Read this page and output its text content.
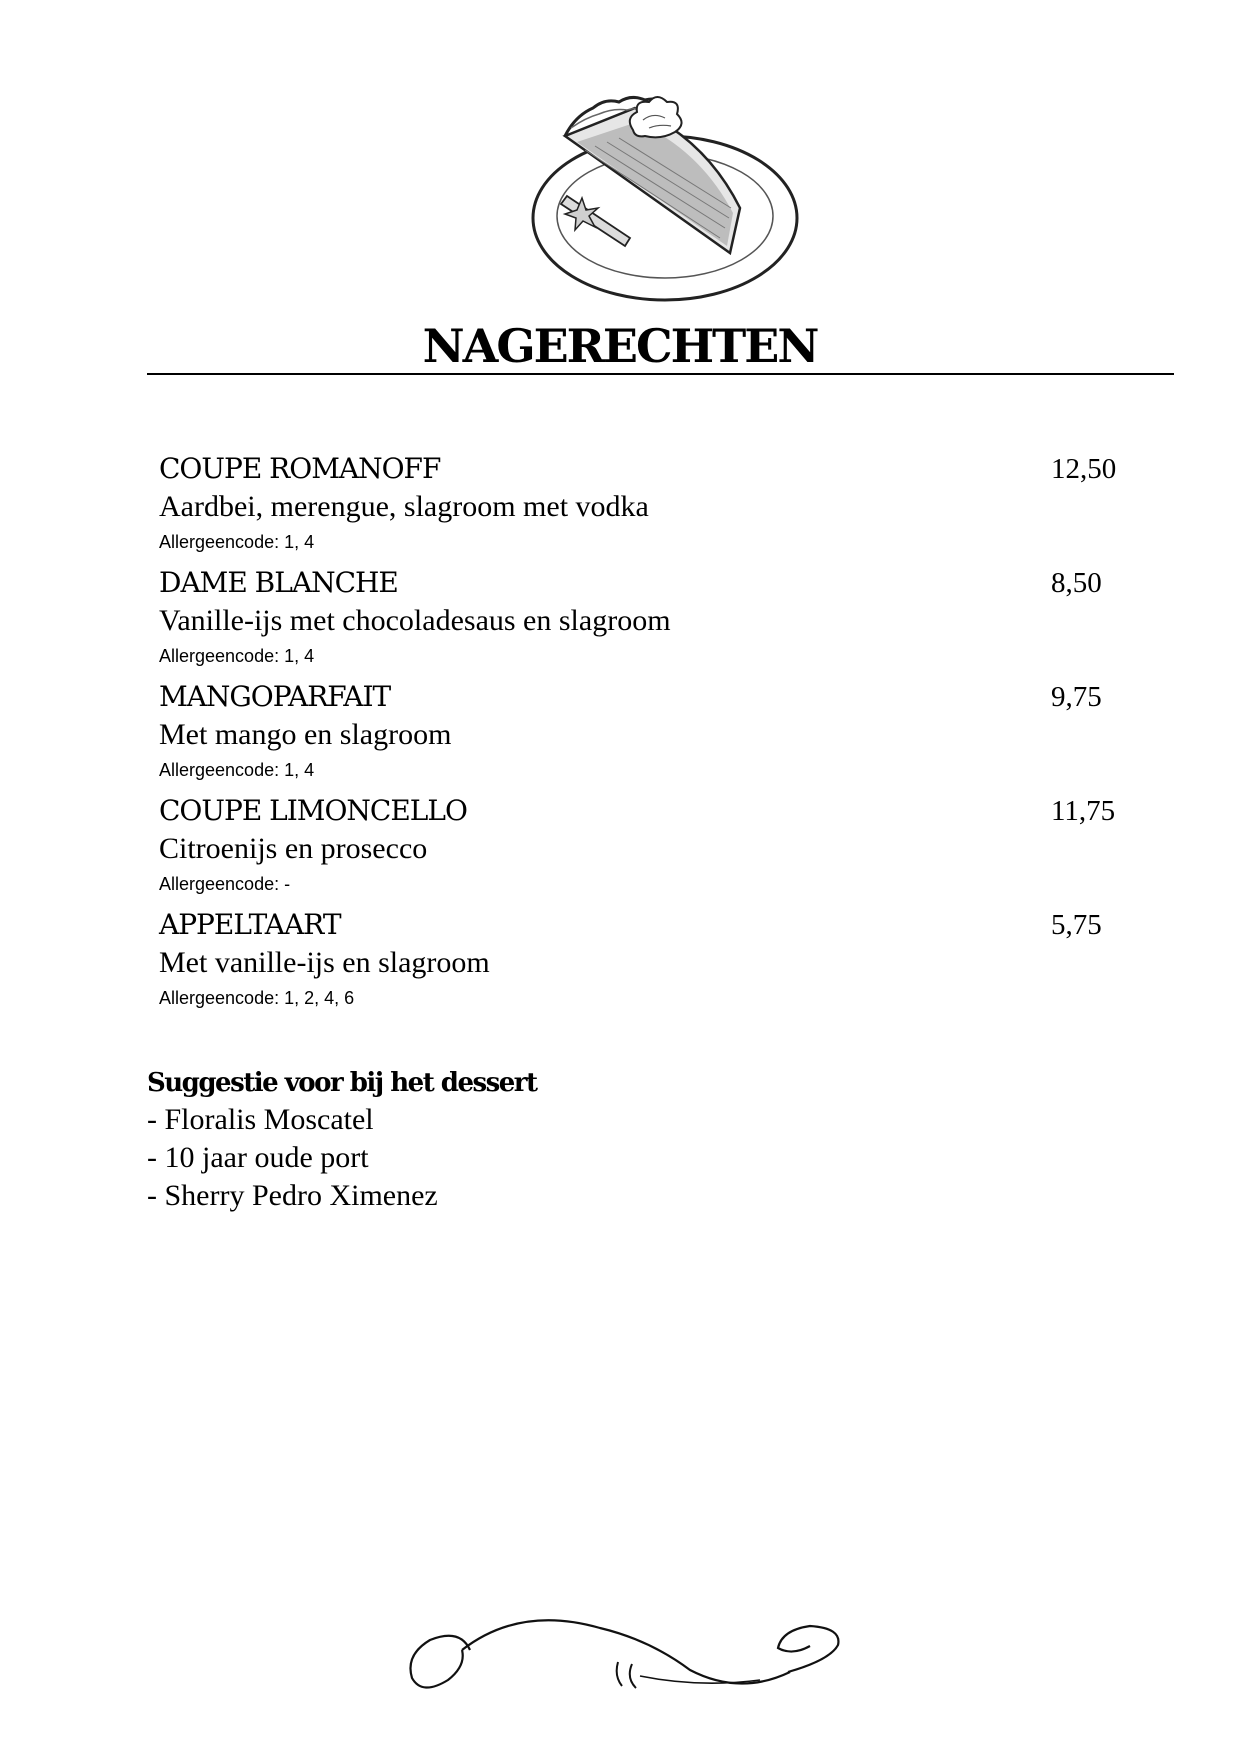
NAGERECHTEN
COUPE ROMANOFF	12,50
Aardbei, merengue, slagroom met vodka
Allergeencode: 1, 4
DAME BLANCHE	8,50
Vanille-ijs met chocoladesaus en slagroom
Allergeencode: 1, 4
MANGOPARFAIT	9,75
Met mango en slagroom
Allergeencode: 1, 4
COUPE LIMONCELLO	11,75
Citroenijs en prosecco
Allergeencode: -
APPELTAART	5,75
Met vanille-ijs en slagroom
Allergeencode: 1, 2, 4, 6
Suggestie voor bij het dessert
- Floralis Moscatel
- 10 jaar oude port
- Sherry Pedro Ximenez
